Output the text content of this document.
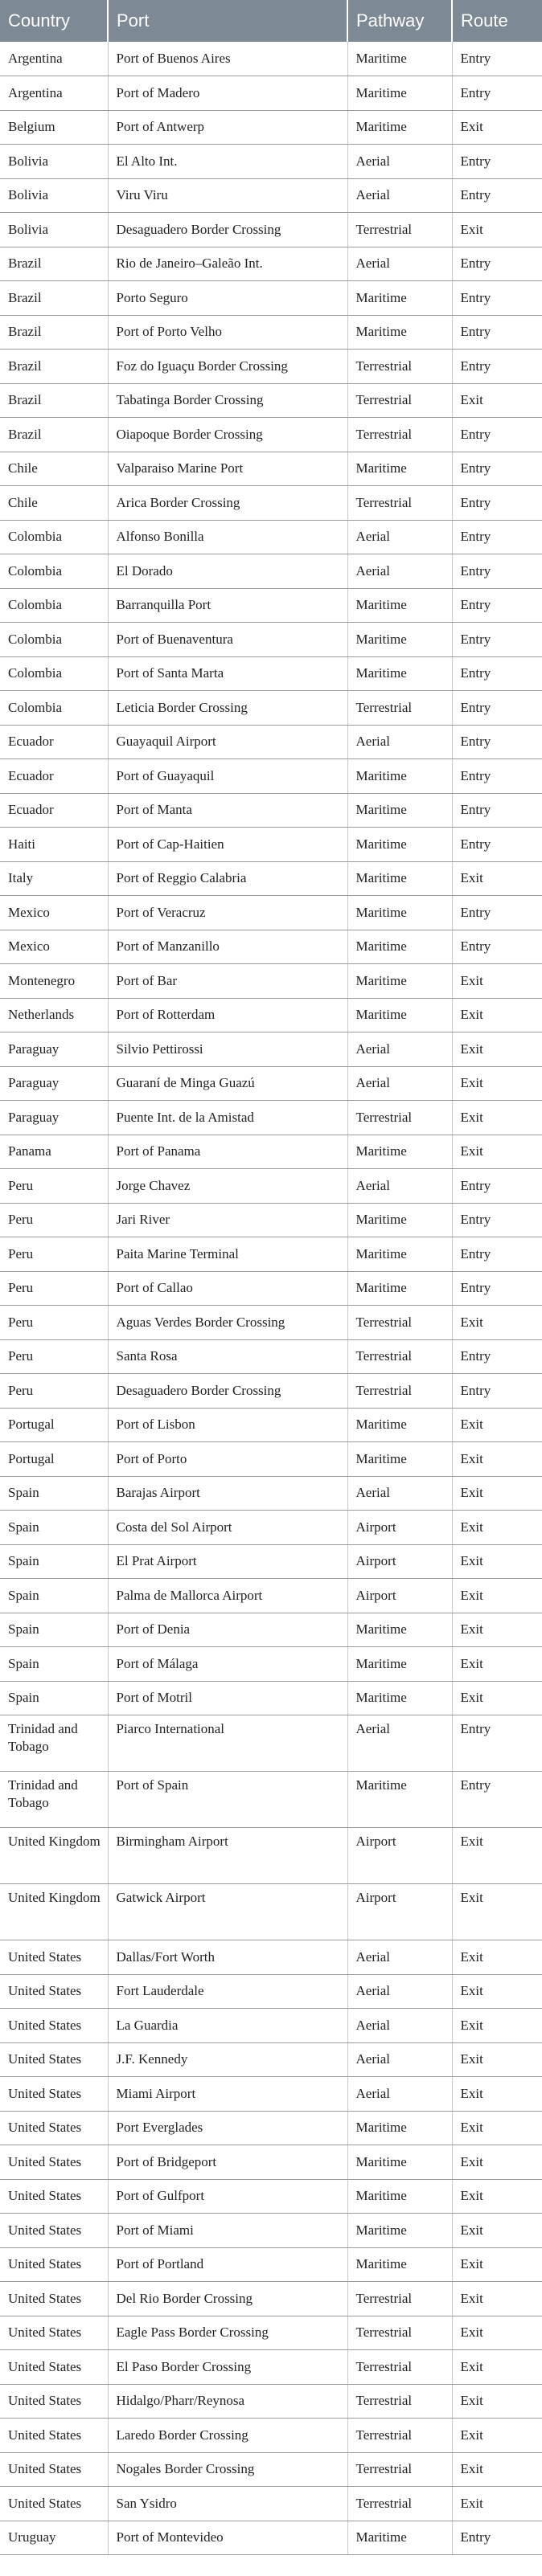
Country	Port	Pathway	Route
Argentina	Port of Buenos Aires	Maritime	Entry
Argentina	Port of Madero	Maritime	Entry
Belgium	Port of Antwerp	Maritime	Exit
Bolivia	El Alto Int.	Aerial	Entry
Bolivia	Viru Viru	Aerial	Entry
Bolivia	Desaguadero Border Crossing	Terrestrial	Exit
Brazil	Rio de Janeiro–Galeão Int.	Aerial	Entry
Brazil	Porto Seguro	Maritime	Entry
Brazil	Port of Porto Velho	Maritime	Entry
Brazil	Foz do Iguaçu Border Crossing	Terrestrial	Entry
Brazil	Tabatinga Border Crossing	Terrestrial	Exit
Brazil	Oiapoque Border Crossing	Terrestrial	Entry
Chile	Valparaiso Marine Port	Maritime	Entry
Chile	Arica Border Crossing	Terrestrial	Entry
Colombia	Alfonso Bonilla	Aerial	Entry
Colombia	El Dorado	Aerial	Entry
Colombia	Barranquilla Port	Maritime	Entry
Colombia	Port of Buenaventura	Maritime	Entry
Colombia	Port of Santa Marta	Maritime	Entry
Colombia	Leticia Border Crossing	Terrestrial	Entry
Ecuador	Guayaquil Airport	Aerial	Entry
Ecuador	Port of Guayaquil	Maritime	Entry
Ecuador	Port of Manta	Maritime	Entry
Haiti	Port of Cap-Haitien	Maritime	Entry
Italy	Port of Reggio Calabria	Maritime	Exit
Mexico	Port of Veracruz	Maritime	Entry
Mexico	Port of Manzanillo	Maritime	Entry
Montenegro	Port of Bar	Maritime	Exit
Netherlands	Port of Rotterdam	Maritime	Exit
Paraguay	Silvio Pettirossi	Aerial	Exit
Paraguay	Guaraní de Minga Guazú	Aerial	Exit
Paraguay	Puente Int. de la Amistad	Terrestrial	Exit
Panama	Port of Panama	Maritime	Exit
Peru	Jorge Chavez	Aerial	Entry
Peru	Jari River	Maritime	Entry
Peru	Paita Marine Terminal	Maritime	Entry
Peru	Port of Callao	Maritime	Entry
Peru	Aguas Verdes Border Crossing	Terrestrial	Exit
Peru	Santa Rosa	Terrestrial	Entry
Peru	Desaguadero Border Crossing	Terrestrial	Entry
Portugal	Port of Lisbon	Maritime	Exit
Portugal	Port of Porto	Maritime	Exit
Spain	Barajas Airport	Aerial	Exit
Spain	Costa del Sol Airport	Airport	Exit
Spain	El Prat Airport	Airport	Exit
Spain	Palma de Mallorca Airport	Airport	Exit
Spain	Port of Denia	Maritime	Exit
Spain	Port of Málaga	Maritime	Exit
Spain	Port of Motril	Maritime	Exit
Trinidad and Tobago	Piarco International	Aerial	Entry
Trinidad and Tobago	Port of Spain	Maritime	Entry
United Kingdom	Birmingham Airport	Airport	Exit
United Kingdom	Gatwick Airport	Airport	Exit
United States	Dallas/Fort Worth	Aerial	Exit
United States	Fort Lauderdale	Aerial	Exit
United States	La Guardia	Aerial	Exit
United States	J.F. Kennedy	Aerial	Exit
United States	Miami Airport	Aerial	Exit
United States	Port Everglades	Maritime	Exit
United States	Port of Bridgeport	Maritime	Exit
United States	Port of Gulfport	Maritime	Exit
United States	Port of Miami	Maritime	Exit
United States	Port of Portland	Maritime	Exit
United States	Del Rio Border Crossing	Terrestrial	Exit
United States	Eagle Pass Border Crossing	Terrestrial	Exit
United States	El Paso Border Crossing	Terrestrial	Exit
United States	Hidalgo/Pharr/Reynosa	Terrestrial	Exit
United States	Laredo Border Crossing	Terrestrial	Exit
United States	Nogales Border Crossing	Terrestrial	Exit
United States	San Ysidro	Terrestrial	Exit
Uruguay	Port of Montevideo	Maritime	Entry
